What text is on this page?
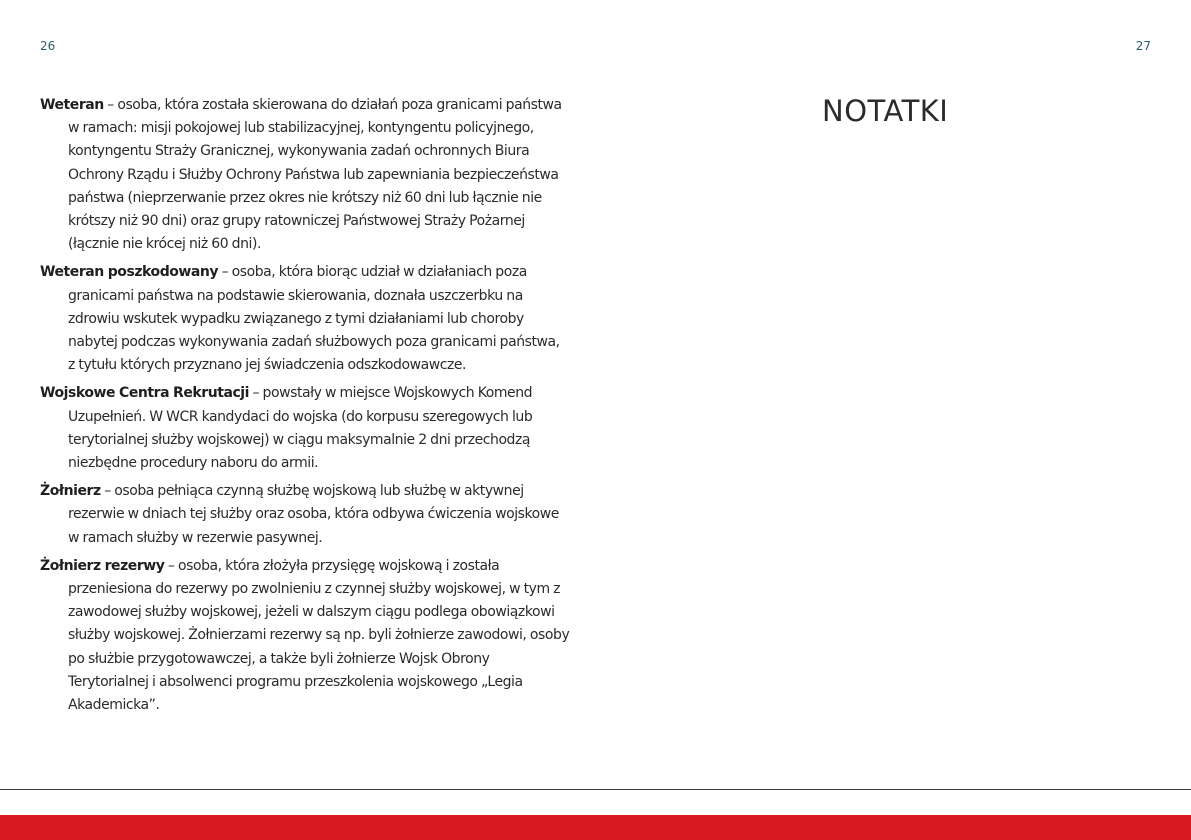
26	27

Weteran – osoba, która została skierowana do działań poza granicami państwa w ramach: misji pokojowej lub stabilizacyjnej, kontyngentu policyjnego, kontyngentu Straży Granicznej, wykonywania zadań ochronnych Biura Ochrony Rządu i Służby Ochrony Państwa lub zapewniania bezpieczeństwa państwa (nieprzerwanie przez okres nie krótszy niż 60 dni lub łącznie nie krótszy niż 90 dni) oraz grupy ratowniczej Państwowej Straży Pożarnej (łącznie nie krócej niż 60 dni).

Weteran poszkodowany – osoba, która biorąc udział w działaniach poza granicami państwa na podstawie skierowania, doznała uszczerbku na zdrowiu wskutek wypadku związanego z tymi działaniami lub choroby nabytej podczas wykonywania zadań służbowych poza granicami państwa, z tytułu których przyznano jej świadczenia odszkodowawcze.

Wojskowe Centra Rekrutacji – powstały w miejsce Wojskowych Komend Uzupełnień. W WCR kandydaci do wojska (do korpusu szeregowych lub terytorialnej służby wojskowej) w ciągu maksymalnie 2 dni przechodzą niezbędne procedury naboru do armii.

Żołnierz – osoba pełniąca czynną służbę wojskową lub służbę w aktywnej rezerwie w dniach tej służby oraz osoba, która odbywa ćwiczenia wojskowe w ramach służby w rezerwie pasywnej.

Żołnierz rezerwy – osoba, która złożyła przysięgę wojskową i została przeniesiona do rezerwy po zwolnieniu z czynnej służby wojskowej, w tym z zawodowej służby wojskowej, jeżeli w dalszym ciągu podlega obowiązkowi służby wojskowej. Żołnierzami rezerwy są np. byli żołnierze zawodowi, osoby po służbie przygotowawczej, a także byli żołnierze Wojsk Obrony Terytorialnej i absolwenci programu przeszkolenia wojskowego „Legia Akademicka”.

NOTATKI
